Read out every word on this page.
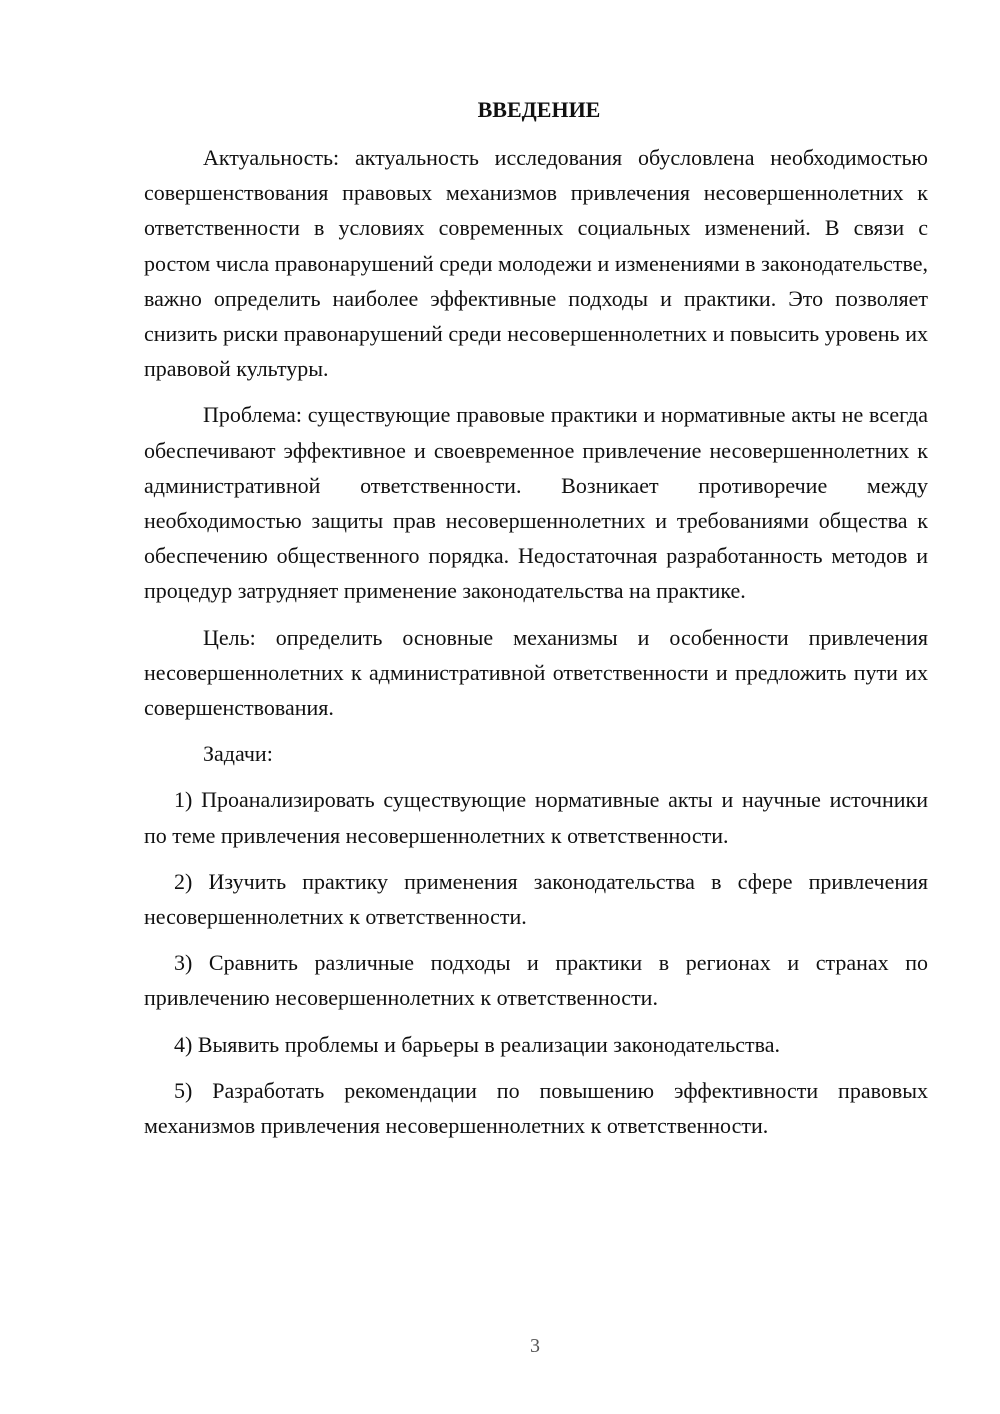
ВВЕДЕНИЕ

Актуальность: актуальность исследования обусловлена необходимостью совершенствования правовых механизмов привлечения несовершеннолетних к ответственности в условиях современных социальных изменений. В связи с ростом числа правонарушений среди молодежи и изменениями в законодательстве, важно определить наиболее эффективные подходы и практики. Это позволяет снизить риски правонарушений среди несовершеннолетних и повысить уровень их правовой культуры.

Проблема: существующие правовые практики и нормативные акты не всегда обеспечивают эффективное и своевременное привлечение несовершеннолетних к административной ответственности. Возникает противоречие между необходимостью защиты прав несовершеннолетних и требованиями общества к обеспечению общественного порядка. Недостаточная разработанность методов и процедур затрудняет применение законодательства на практике.

Цель: определить основные механизмы и особенности привлечения несовершеннолетних к административной ответственности и предложить пути их совершенствования.

Задачи:

1) Проанализировать существующие нормативные акты и научные источники по теме привлечения несовершеннолетних к ответственности.

2) Изучить практику применения законодательства в сфере привлечения несовершеннолетних к ответственности.

3) Сравнить различные подходы и практики в регионах и странах по привлечению несовершеннолетних к ответственности.

4) Выявить проблемы и барьеры в реализации законодательства.

5) Разработать рекомендации по повышению эффективности правовых механизмов привлечения несовершеннолетних к ответственности.

3
